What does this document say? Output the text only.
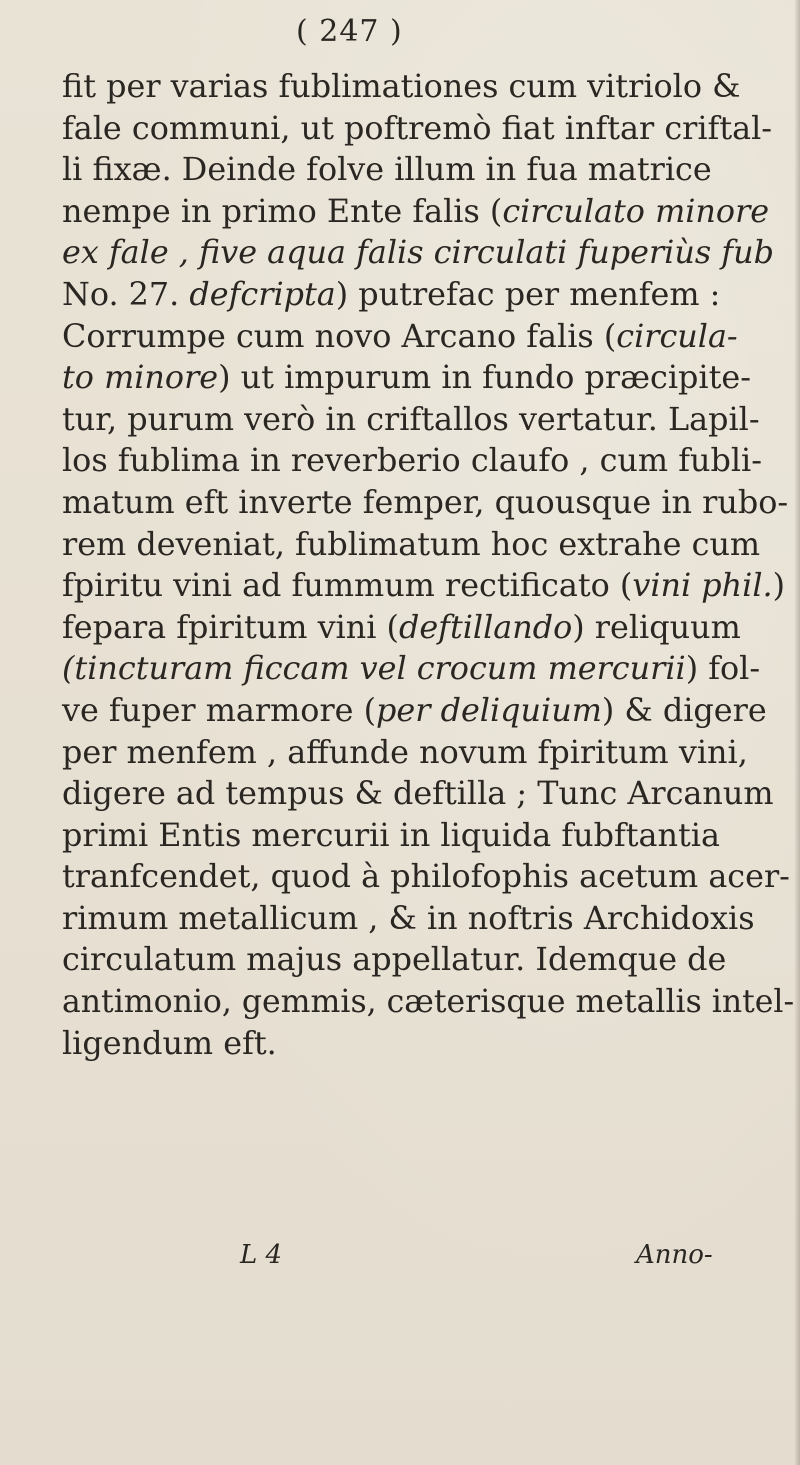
( 247 )
fit per varias fublimationes cum vitriolo &
fale communi, ut poftremò fiat inftar criftal-
li fixæ. Deinde folve illum in fua matrice
nempe in primo Ente falis (circulato minore
ex fale , five aqua falis circulati fuperiùs fub
No. 27. defcripta) putrefac per menfem :
Corrumpe cum novo Arcano falis (circula-
to minore) ut impurum in fundo præcipite-
tur, purum verò in criftallos vertatur. Lapil-
los fublima in reverberio claufo , cum fubli-
matum eft inverte femper, quousque in rubo-
rem deveniat, fublimatum hoc extrahe cum
fpiritu vini ad fummum rectificato (vini phil.)
fepara fpiritum vini (deftillando) reliquum
(tincturam ficcam vel crocum mercurii) fol-
ve fuper marmore (per deliquium) & digere
per menfem , affunde novum fpiritum vini,
digere ad tempus & deftilla ; Tunc Arcanum
primi Entis mercurii in liquida fubftantia
tranfcendet, quod à philofophis acetum acer-
rimum metallicum , & in noftris Archidoxis
circulatum majus appellatur. Idemque de
antimonio, gemmis, cæterisque metallis intel-
ligendum eft.
L 4	Anno-
